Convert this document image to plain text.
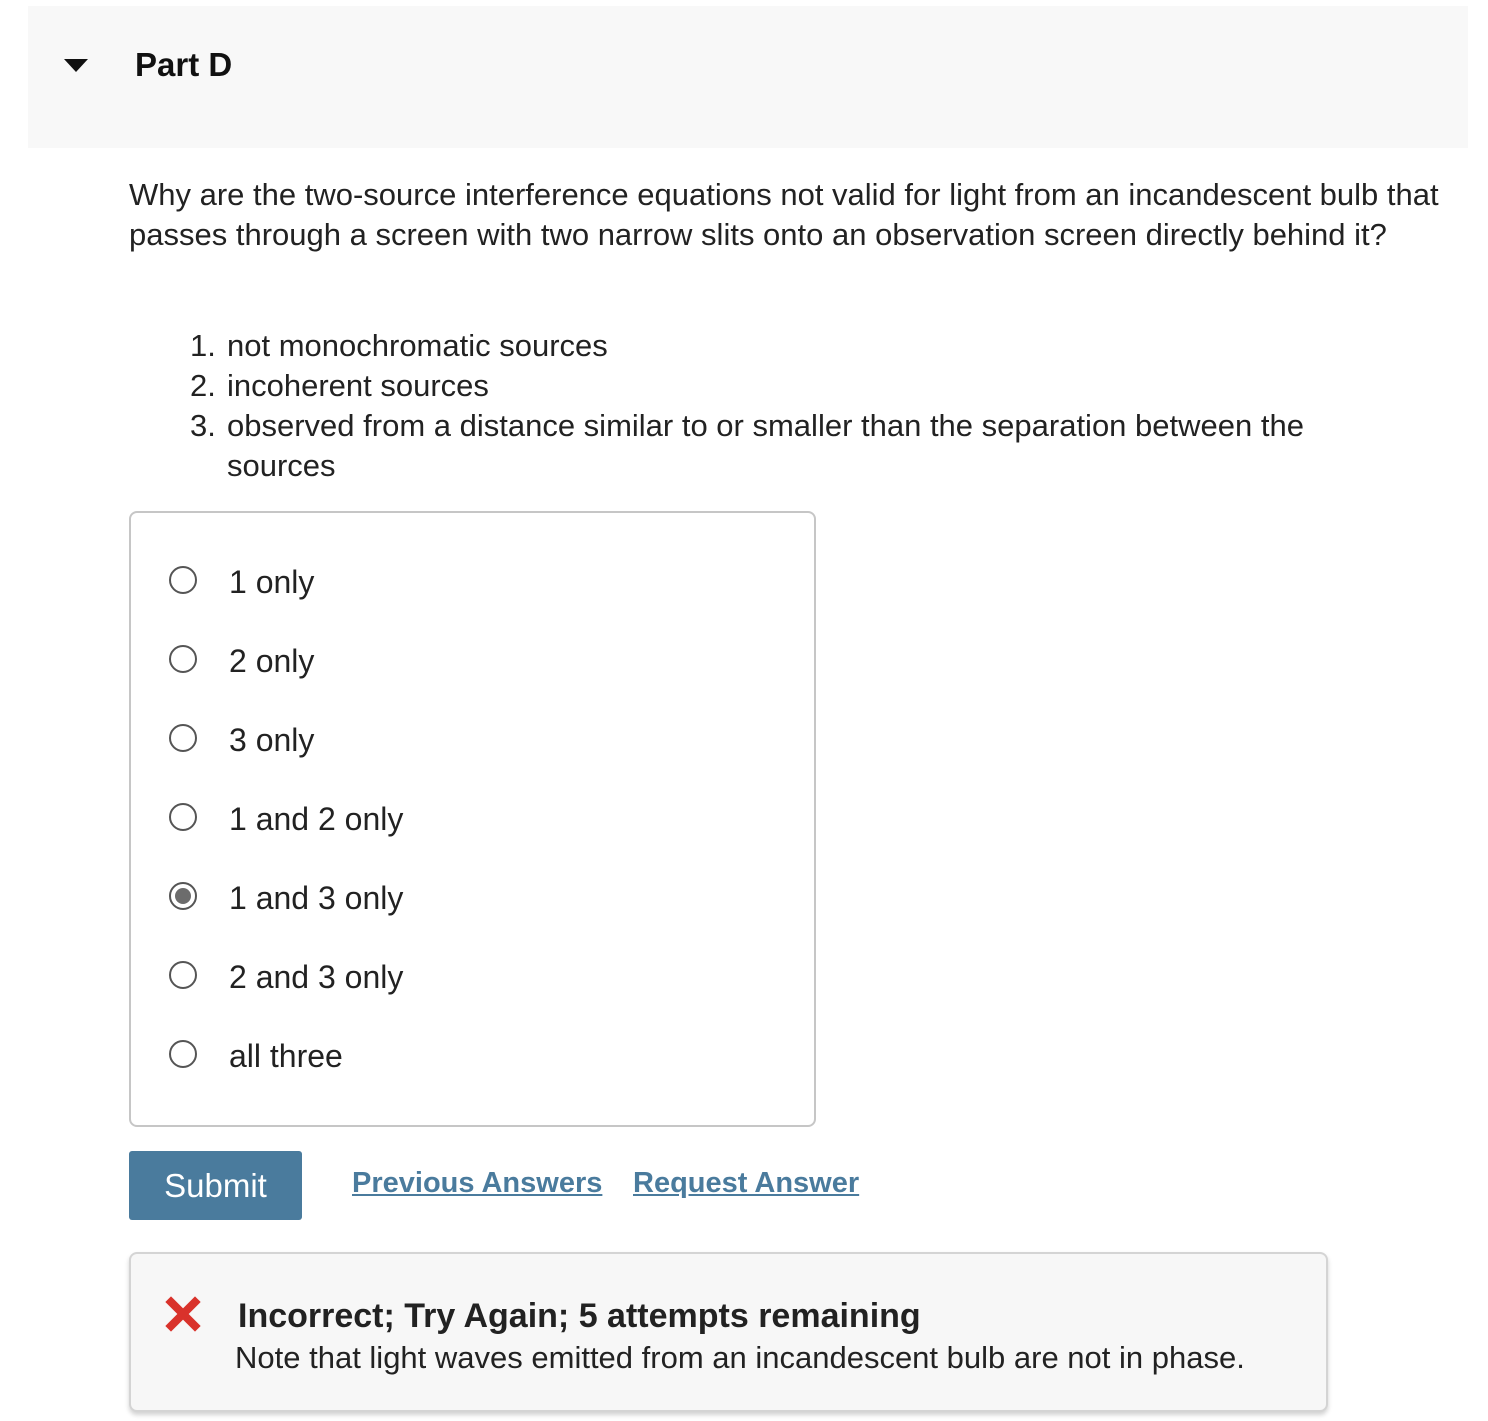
Part D
Why are the two-source interference equations not valid for light from an incandescent bulb that passes through a screen with two narrow slits onto an observation screen directly behind it?
1. not monochromatic sources
2. incoherent sources
3. observed from a distance similar to or smaller than the separation between the sources
1 only
2 only
3 only
1 and 2 only
1 and 3 only
2 and 3 only
all three
Submit	Previous Answers Request Answer
Incorrect; Try Again; 5 attempts remaining
Note that light waves emitted from an incandescent bulb are not in phase.
